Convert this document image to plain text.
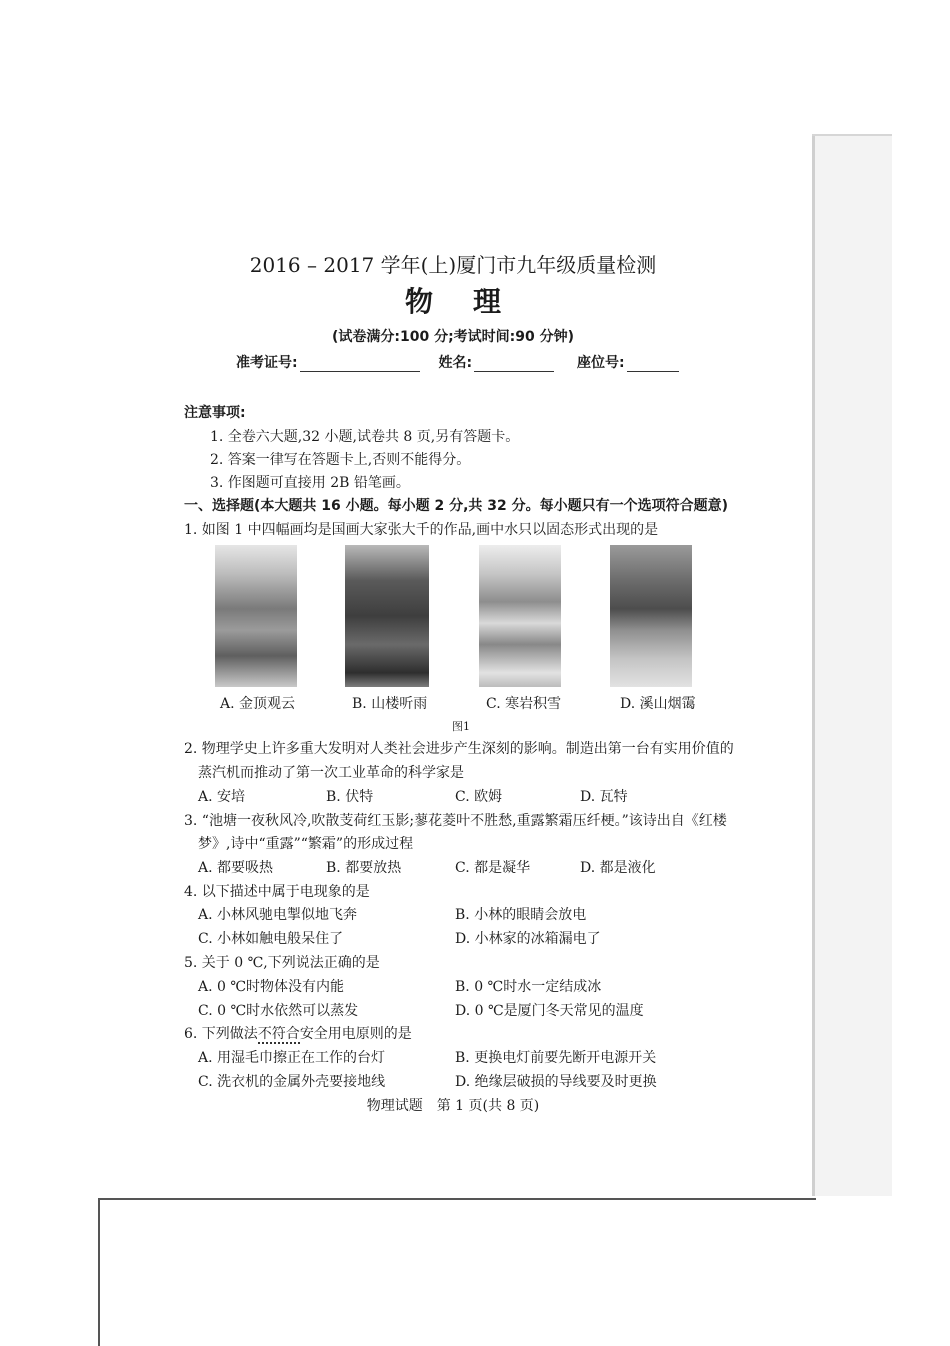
2016 – 2017 学年(上)厦门市九年级质量检测
物理
(试卷满分:100 分;考试时间:90 分钟)
准考证号:	姓名:	座位号:
注意事项:
1. 全卷六大题,32 小题,试卷共 8 页,另有答题卡。
2. 答案一律写在答题卡上,否则不能得分。
3. 作图题可直接用 2B 铅笔画。
一、选择题(本大题共 16 小题。每小题 2 分,共 32 分。每小题只有一个选项符合题意)
1. 如图 1 中四幅画均是国画大家张大千的作品,画中水只以固态形式出现的是
A. 金顶观云	B. 山楼听雨	C. 寒岩积雪	D. 溪山烟霭
图1
2. 物理学史上许多重大发明对人类社会进步产生深刻的影响。制造出第一台有实用价值的
蒸汽机而推动了第一次工业革命的科学家是
A. 安培	B. 伏特	C. 欧姆	D. 瓦特
3. “池塘一夜秋风冷,吹散芰荷红玉影;蓼花菱叶不胜愁,重露繁霜压纤梗。”该诗出自《红楼
梦》,诗中“重露”“繁霜”的形成过程
A. 都要吸热	B. 都要放热	C. 都是凝华	D. 都是液化
4. 以下描述中属于电现象的是
A. 小林风驰电掣似地飞奔	B. 小林的眼睛会放电
C. 小林如触电般呆住了	D. 小林家的冰箱漏电了
5. 关于 0 ℃,下列说法正确的是
A. 0 ℃时物体没有内能	B. 0 ℃时水一定结成冰
C. 0 ℃时水依然可以蒸发	D. 0 ℃是厦门冬天常见的温度
6. 下列做法不符合安全用电原则的是
A. 用湿毛巾擦正在工作的台灯	B. 更换电灯前要先断开电源开关
C. 洗衣机的金属外壳要接地线	D. 绝缘层破损的导线要及时更换
物理试题　第 1 页(共 8 页)
